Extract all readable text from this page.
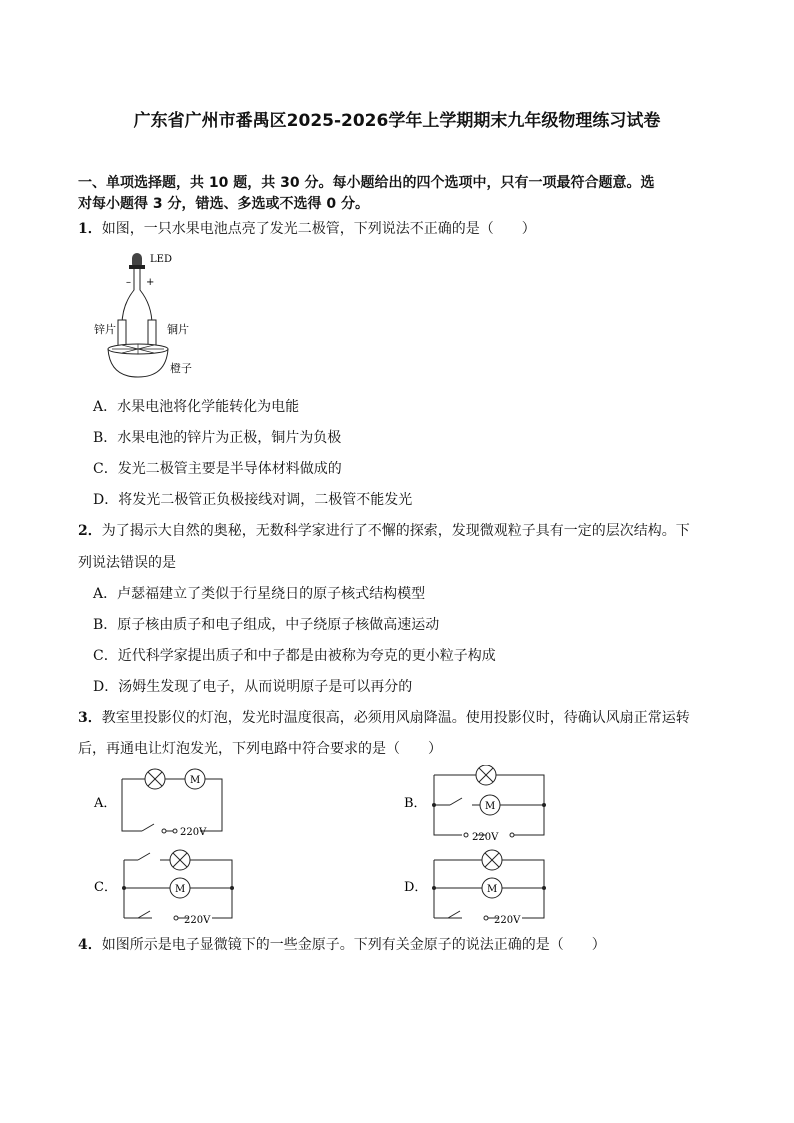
广东省广州市番禺区2025-2026学年上学期期末九年级物理练习试卷
一、单项选择题，共 10 题，共 30 分。每小题给出的四个选项中，只有一项最符合题意。选
对每小题得 3 分，错选、多选或不选得 0 分。
1．如图，一只水果电池点亮了发光二极管，下列说法不正确的是（　　）
LED
– +
锌片	铜片
橙子
A．水果电池将化学能转化为电能
B．水果电池的锌片为正极，铜片为负极
C．发光二极管主要是半导体材料做成的
D．将发光二极管正负极接线对调，二极管不能发光
2．为了揭示大自然的奥秘，无数科学家进行了不懈的探索，发现微观粒子具有一定的层次结构。下
列说法错误的是
A．卢瑟福建立了类似于行星绕日的原子核式结构模型
B．原子核由质子和电子组成，中子绕原子核做高速运动
C．近代科学家提出质子和中子都是由被称为夸克的更小粒子构成
D．汤姆生发现了电子，从而说明原子是可以再分的
3．教室里投影仪的灯泡，发光时温度很高，必须用风扇降温。使用投影仪时，待确认风扇正常运转
后，再通电让灯泡发光，下列电路中符合要求的是（　　）
A．
M
220V
B．	M
220V
C．	M
220V
D．	M
220V
4．如图所示是电子显微镜下的一些金原子。下列有关金原子的说法正确的是（　　）
